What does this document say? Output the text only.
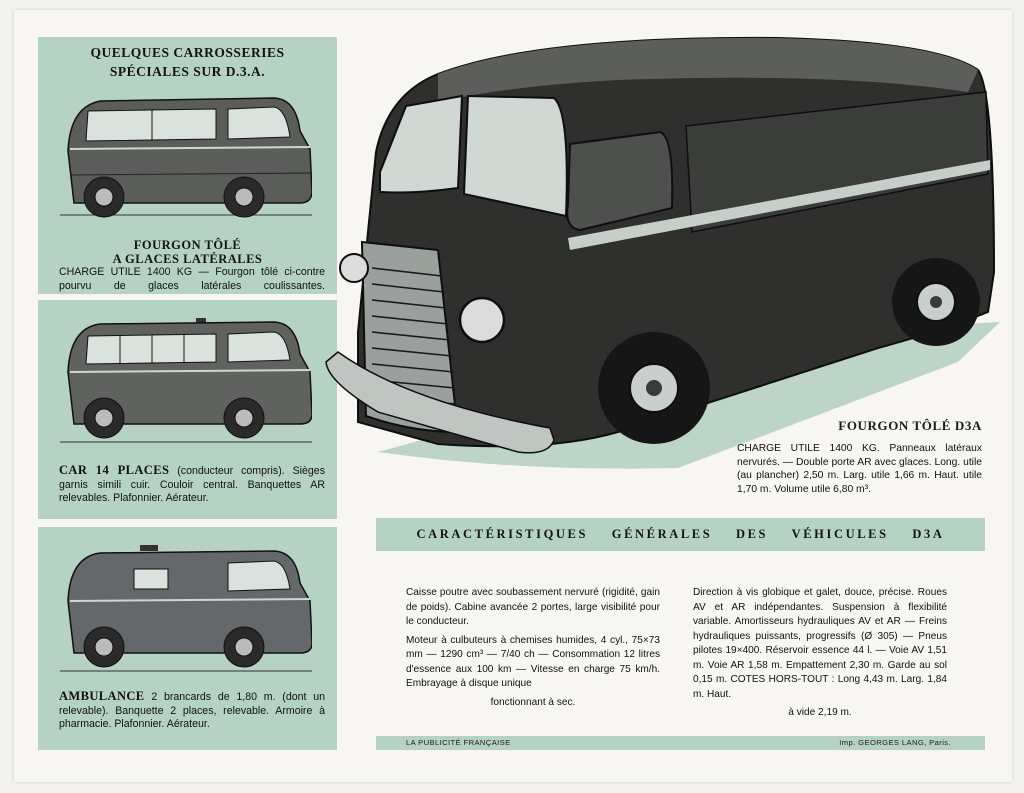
QUELQUES CARROSSERIES
SPÉCIALES SUR D.3.A.
FOURGON TÔLÉ
A GLACES LATÉRALES
CHARGE UTILE 1400 KG — Fourgon tôlé ci-contre pourvu de glaces latérales coulissantes.
CAR 14 PLACES (conducteur compris). Sièges garnis simili cuir. Couloir central. Banquettes AR relevables. Plafonnier. Aérateur.
AMBULANCE 2 brancards de 1,80 m. (dont un relevable). Banquette 2 places, relevable. Armoire à pharmacie. Plafonnier. Aérateur.
FOURGON TÔLÉ D3A
CHARGE UTILE 1400 KG. Panneaux latéraux nervurés. — Double porte AR avec glaces. Long. utile (au plancher) 2,50 m. Larg. utile 1,66 m. Haut. utile 1,70 m. Volume utile 6,80 m³.
CARACTÉRISTIQUES GÉNÉRALES DES VÉHICULES D3A

Caisse poutre avec soubassement nervuré (rigidité, gain de poids). Cabine avancée 2 portes, large visibilité pour le conducteur.

Moteur à culbuteurs à chemises humides, 4 cyl., 75×73 mm — 1290 cm³ — 7/40 ch — Consommation 12 litres d'essence aux 100 km — Vitesse en charge 75 km/h. Embrayage à disque unique

fonctionnant à sec.

Direction à vis globique et galet, douce, précise. Roues AV et AR indépendantes. Suspension à flexibilité variable. Amortisseurs hydrauliques AV et AR — Freins hydrauliques puissants, progressifs (Ø 305) — Pneus pilotes 19×400. Réservoir essence 44 l. — Voie AV 1,51 m. Voie AR 1,58 m. Empattement 2,30 m. Garde au sol 0,15 m. COTES HORS-TOUT : Long 4,43 m. Larg. 1,84 m. Haut.

à vide 2,19 m.
LA PUBLICITÉ FRANÇAISE	Imp. GEORGES LANG, Paris.
